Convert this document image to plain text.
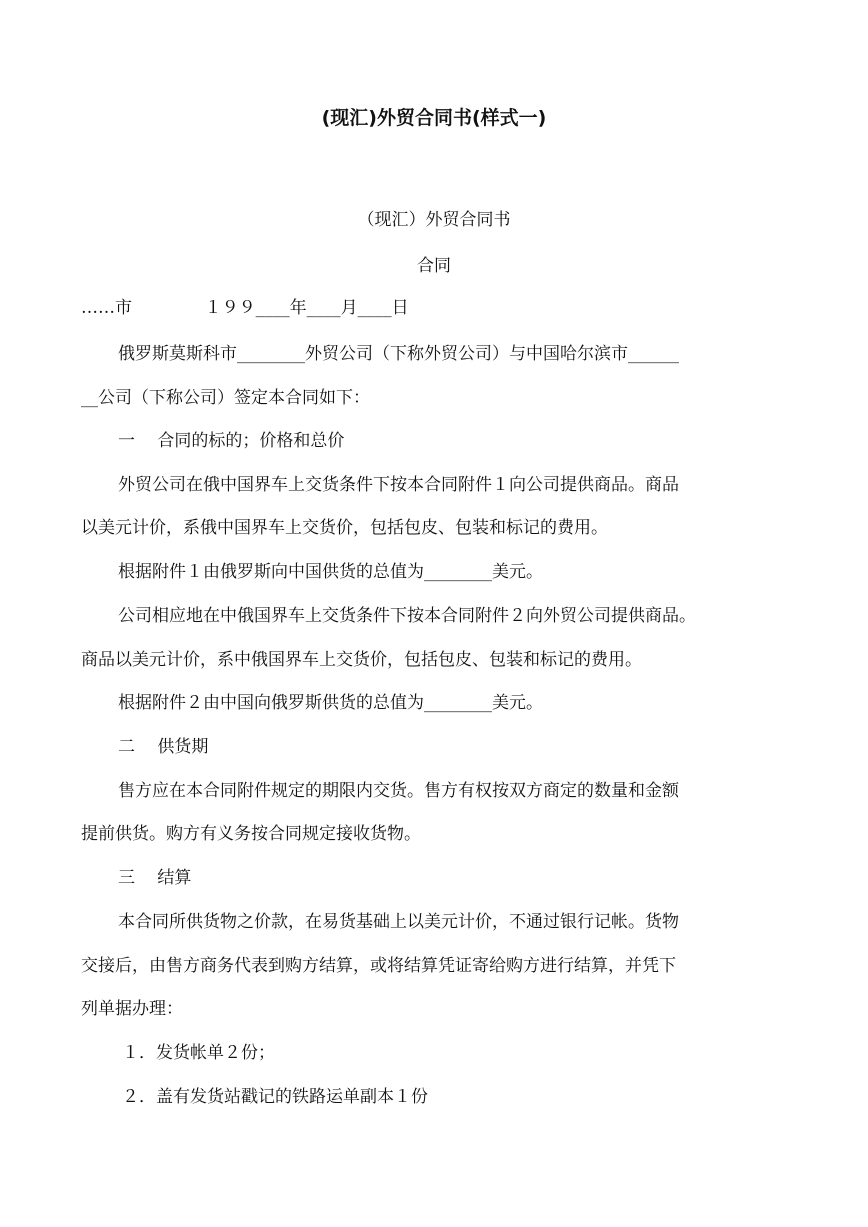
(现汇)外贸合同书(样式一)
（现汇）外贸合同书
合同
……市 　 　 　 １９９____年____月____日
俄罗斯莫斯科市________外贸公司（下称外贸公司）与中国哈尔滨市______
__公司（下称公司）签定本合同如下：
一　 合同的标的；价格和总价
外贸公司在俄中国界车上交货条件下按本合同附件１向公司提供商品。商品
以美元计价，系俄中国界车上交货价，包括包皮、包装和标记的费用。
根据附件１由俄罗斯向中国供货的总值为________美元。
公司相应地在中俄国界车上交货条件下按本合同附件２向外贸公司提供商品。
商品以美元计价，系中俄国界车上交货价，包括包皮、包装和标记的费用。
根据附件２由中国向俄罗斯供货的总值为________美元。
二　 供货期
售方应在本合同附件规定的期限内交货。售方有权按双方商定的数量和金额
提前供货。购方有义务按合同规定接收货物。
三　 结算
本合同所供货物之价款，在易货基础上以美元计价，不通过银行记帐。货物
交接后，由售方商务代表到购方结算，或将结算凭证寄给购方进行结算，并凭下
列单据办理：
１．发货帐单２份；
２．盖有发货站戳记的铁路运单副本１份
